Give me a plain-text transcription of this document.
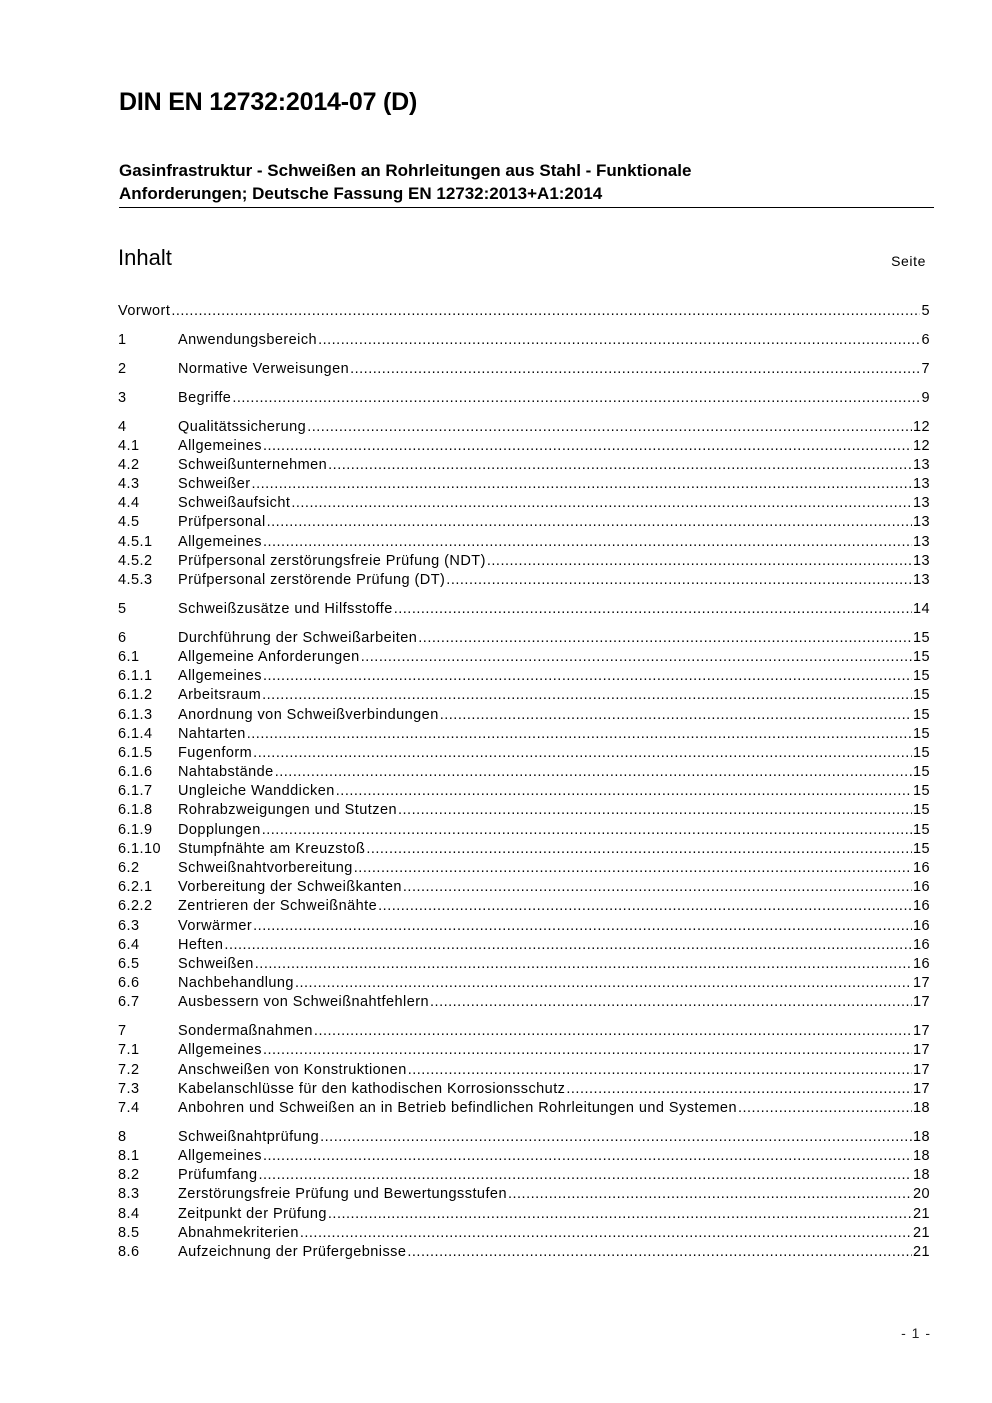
DIN EN 12732:2014-07 (D)
Gasinfrastruktur - Schweißen an Rohrleitungen aus Stahl - Funktionale
Anforderungen; Deutsche Fassung EN 12732:2013+A1:2014
Inhalt	Seite
Vorwort .....	5
1	Anwendungsbereich .....	6
2	Normative Verweisungen .....	7
3	Begriffe .....	9
4	Qualitätssicherung .....	12
4.1	Allgemeines .....	12
4.2	Schweißunternehmen .....	13
4.3	Schweißer .....	13
4.4	Schweißaufsicht .....	13
4.5	Prüfpersonal .....	13
4.5.1	Allgemeines .....	13
4.5.2	Prüfpersonal zerstörungsfreie Prüfung (NDT) .....	13
4.5.3	Prüfpersonal zerstörende Prüfung (DT) .....	13
5	Schweißzusätze und Hilfsstoffe .....	14
6	Durchführung der Schweißarbeiten .....	15
6.1	Allgemeine Anforderungen .....	15
6.1.1	Allgemeines .....	15
6.1.2	Arbeitsraum .....	15
6.1.3	Anordnung von Schweißverbindungen .....	15
6.1.4	Nahtarten .....	15
6.1.5	Fugenform .....	15
6.1.6	Nahtabstände .....	15
6.1.7	Ungleiche Wanddicken .....	15
6.1.8	Rohrabzweigungen und Stutzen .....	15
6.1.9	Dopplungen .....	15
6.1.10	Stumpfnähte am Kreuzstoß .....	15
6.2	Schweißnahtvorbereitung .....	16
6.2.1	Vorbereitung der Schweißkanten .....	16
6.2.2	Zentrieren der Schweißnähte .....	16
6.3	Vorwärmer .....	16
6.4	Heften .....	16
6.5	Schweißen .....	16
6.6	Nachbehandlung .....	17
6.7	Ausbessern von Schweißnahtfehlern .....	17
7	Sondermaßnahmen .....	17
7.1	Allgemeines .....	17
7.2	Anschweißen von Konstruktionen .....	17
7.3	Kabelanschlüsse für den kathodischen Korrosionsschutz .....	17
7.4	Anbohren und Schweißen an in Betrieb befindlichen Rohrleitungen und Systemen .....	18
8	Schweißnahtprüfung .....	18
8.1	Allgemeines .....	18
8.2	Prüfumfang .....	18
8.3	Zerstörungsfreie Prüfung und Bewertungsstufen .....	20
8.4	Zeitpunkt der Prüfung .....	21
8.5	Abnahmekriterien .....	21
8.6	Aufzeichnung der Prüfergebnisse .....	21
- 1 -
